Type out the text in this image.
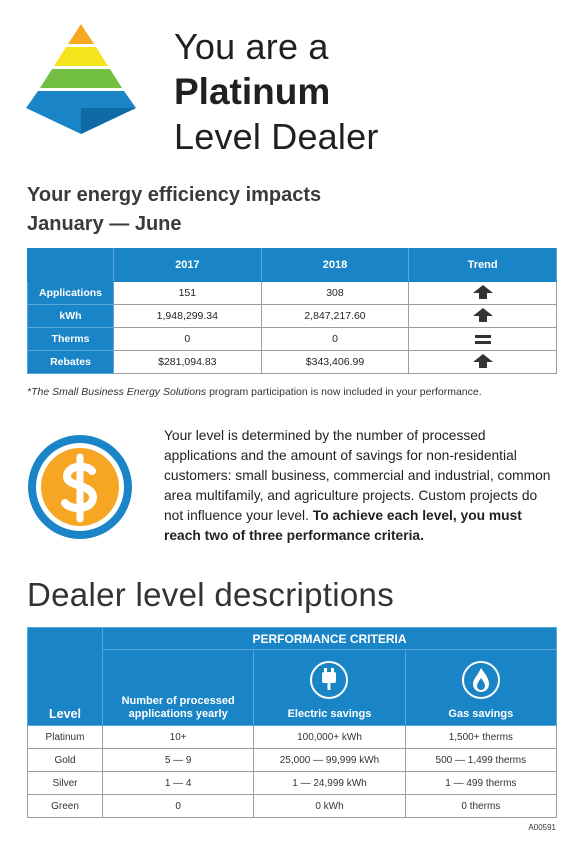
You are a
Platinum
Level Dealer
Your energy efficiency impacts
January — June
	2017	2018	Trend
Applications	151	308	
kWh	1,948,299.34	2,847,217.60	
Therms	0	0	
Rebates	$281,094.83	$343,406.99	
*The Small Business Energy Solutions program participation is now included in your performance.
Your level is determined by the number of processed applications and the amount of savings for non-residential customers: small business, commercial and industrial, common area multifamily, and agriculture projects. Custom projects do not influence your level. To achieve each level, you must reach two of three performance criteria.
Dealer level descriptions
Level	PERFORMANCE CRITERIA		
	Number of processed applications yearly	Electric savings	Gas savings
Platinum	10+	100,000+ kWh	1,500+ therms
Gold	5 — 9	25,000 — 99,999 kWh	500 — 1,499 therms
Silver	1 — 4	1 — 24,999 kWh	1 — 499 therms
Green	0	0 kWh	0 therms
A00591
